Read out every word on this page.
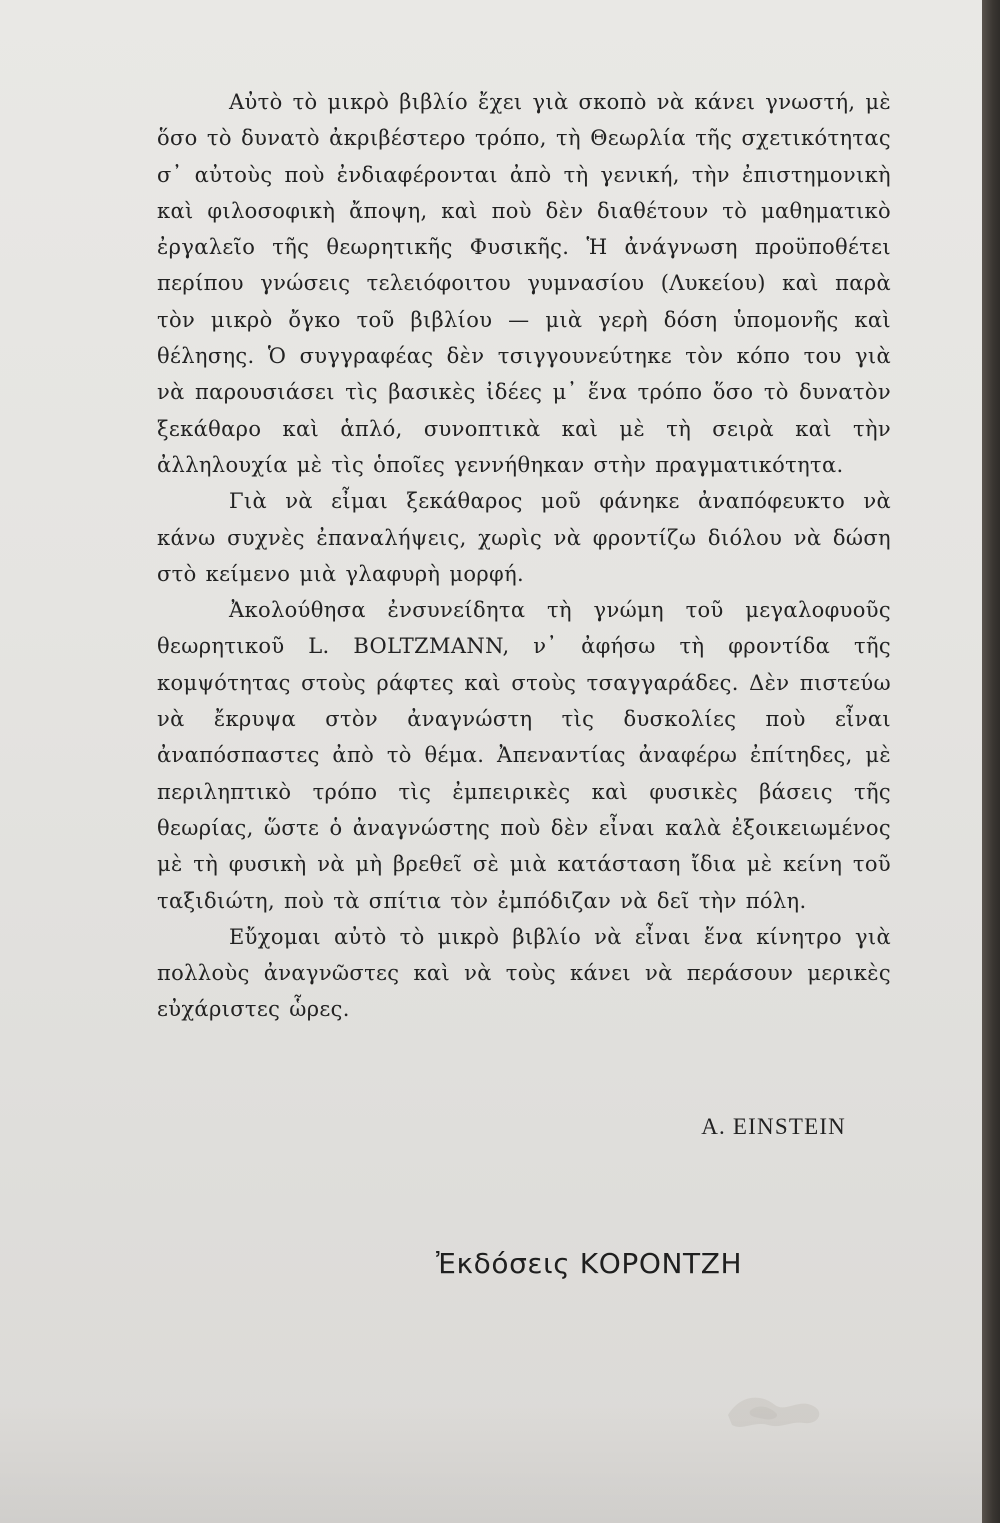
Αὐτὸ τὸ μικρὸ βιβλίο ἔχει γιὰ σκοπὸ νὰ κάνει γνωστή, μὲ ὅσο τὸ δυνατὸ ἀκριβέστερο τρόπο, τὴ Θεωρλία τῆς σχετικότητας σ᾽ αὐτοὺς ποὺ ἐνδιαφέρονται ἀπὸ τὴ γενική, τὴν ἐπιστημονικὴ καὶ φιλοσοφικὴ ἄποψη, καὶ ποὺ δὲν διαθέτουν τὸ μαθηματικὸ ἐργαλεῖο τῆς θεωρητικῆς Φυσικῆς. Ἡ ἀνάγνωση προϋποθέτει περίπου γνώσεις τελειόφοιτου γυμνασίου (Λυκείου) καὶ παρὰ τὸν μικρὸ ὄγκο τοῦ βιβλίου — μιὰ γερὴ δόση ὑπομονῆς καὶ θέλησης. Ὁ συγγραφέας δὲν τσιγγουνεύτηκε τὸν κόπο του γιὰ νὰ παρουσιάσει τὶς βασικὲς ἰδέες μ᾽ ἕνα τρόπο ὅσο τὸ δυνατὸν ξεκάθαρο καὶ ἁπλό, συνοπτικὰ καὶ μὲ τὴ σειρὰ καὶ τὴν ἀλληλουχία μὲ τὶς ὁποῖες γεννήθηκαν στὴν πραγματικότητα.

Γιὰ νὰ εἶμαι ξεκάθαρος μοῦ φάνηκε ἀναπόφευκτο νὰ κάνω συχνὲς ἐπαναλήψεις, χωρὶς νὰ φροντίζω διόλου νὰ δώση στὸ κείμενο μιὰ γλαφυρὴ μορφή.

Ἀκολούθησα ἐνσυνείδητα τὴ γνώμη τοῦ μεγαλοφυοῦς θεωρητικοῦ L. BOLTZMANN, ν᾽ ἀφήσω τὴ φροντίδα τῆς κομψότητας στοὺς ράφτες καὶ στοὺς τσαγγαράδες. Δὲν πιστεύω νὰ ἔκρυψα στὸν ἀναγνώστη τὶς δυσκολίες ποὺ εἶναι ἀναπόσπαστες ἀπὸ τὸ θέμα. Ἀπεναντίας ἀναφέρω ἐπίτηδες, μὲ περιληπτικὸ τρόπο τὶς ἐμπειρικὲς καὶ φυσικὲς βάσεις τῆς θεωρίας, ὥστε ὁ ἀναγνώστης ποὺ δὲν εἶναι καλὰ ἐξοικειωμένος μὲ τὴ φυσικὴ νὰ μὴ βρεθεῖ σὲ μιὰ κατάσταση ἴδια μὲ κείνη τοῦ ταξιδιώτη, ποὺ τὰ σπίτια τὸν ἐμπόδιζαν νὰ δεῖ τὴν πόλη.

Εὔχομαι αὐτὸ τὸ μικρὸ βιβλίο νὰ εἶναι ἕνα κίνητρο γιὰ πολλοὺς ἀναγνῶστες καὶ νὰ τοὺς κάνει νὰ περάσουν μερικὲς εὐχάριστες ὧρες.

A. EINSTEIN
Ἐκδόσεις ΚΟΡΟΝΤΖΗ
